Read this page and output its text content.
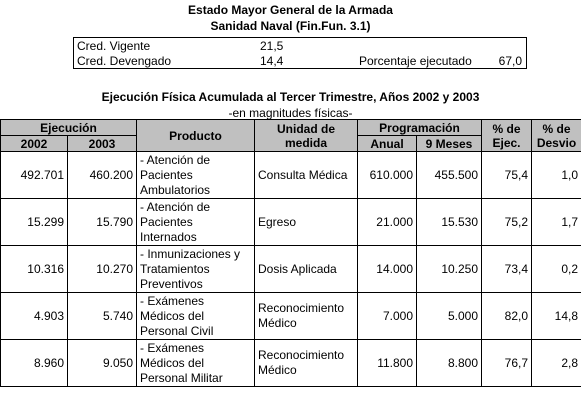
Estado Mayor General de la Armada
Sanidad Naval (Fin.Fun. 3.1)
Cred. Vigente	21,5
Cred. Devengado	14,4	Porcentaje ejecutado 67,0
Ejecución Física Acumulada al Tercer Trimestre, Años 2002 y 2003
-en magnitudes físicas-
Ejecución		Producto	Unidad de medida	Programación		% de Ejec.	% de Desvio
2002	2003			Anual	9 Meses		
492.701	460.200	- Atención de Pacientes Ambulatorios	Consulta Médica	610.000	455.500	75,4	1,0
15.299	15.790	- Atención de Pacientes Internados	Egreso	21.000	15.530	75,2	1,7
10.316	10.270	- Inmunizaciones y Tratamientos Preventivos	Dosis Aplicada	14.000	10.250	73,4	0,2
4.903	5.740	- Exámenes Médicos del Personal Civil	Reconocimiento Médico	7.000	5.000	82,0	14,8
8.960	9.050	- Exámenes Médicos del Personal Militar	Reconocimiento Médico	11.800	8.800	76,7	2,8
